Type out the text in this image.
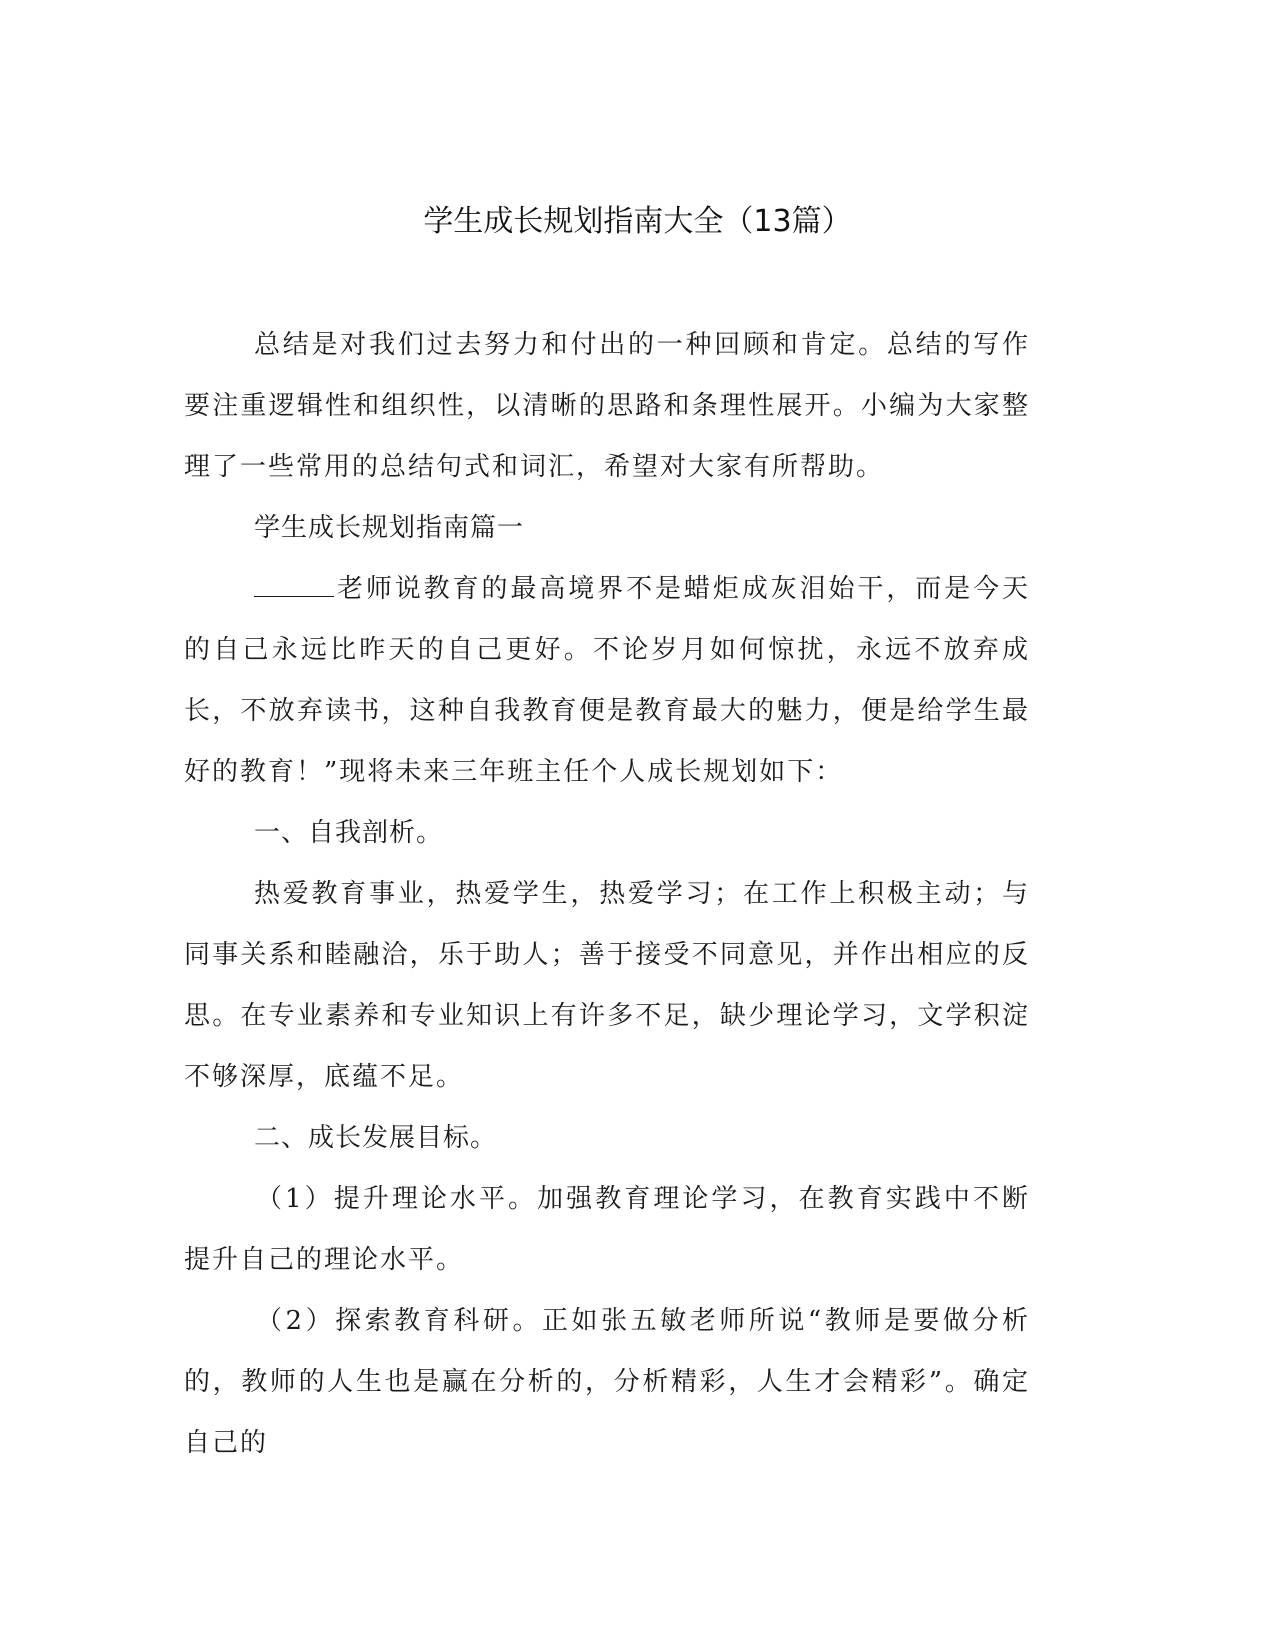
学生成长规划指南大全（13篇）

总结是对我们过去努力和付出的一种回顾和肯定。总结的写作要注重逻辑性和组织性，以清晰的思路和条理性展开。小编为大家整理了一些常用的总结句式和词汇，希望对大家有所帮助。

学生成长规划指南篇一

老师说教育的最高境界不是蜡炬成灰泪始干，而是今天的自己永远比昨天的自己更好。不论岁月如何惊扰，永远不放弃成长，不放弃读书，这种自我教育便是教育最大的魅力，便是给学生最好的教育！”现将未来三年班主任个人成长规划如下：

一、自我剖析。

热爱教育事业，热爱学生，热爱学习；在工作上积极主动；与同事关系和睦融洽，乐于助人；善于接受不同意见，并作出相应的反思。在专业素养和专业知识上有许多不足，缺少理论学习，文学积淀不够深厚，底蕴不足。

二、成长发展目标。

（1）提升理论水平。加强教育理论学习，在教育实践中不断提升自己的理论水平。

（2）探索教育科研。正如张五敏老师所说“教师是要做分析的，教师的人生也是赢在分析的，分析精彩，人生才会精彩”。确定自己的
